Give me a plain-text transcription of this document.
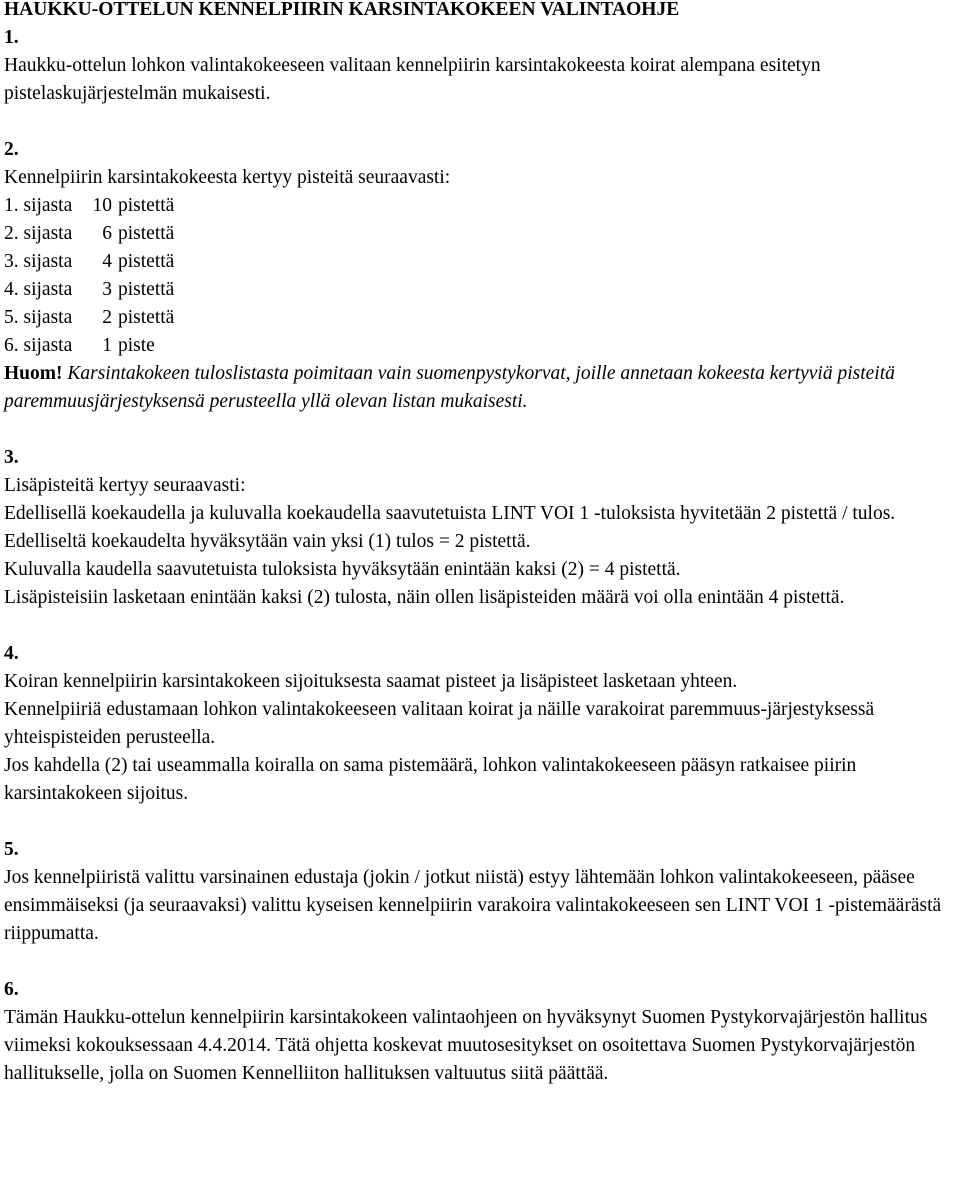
HAUKKU-OTTELUN KENNELPIIRIN KARSINTAKOKEEN VALINTAOHJE
1.
Haukku-ottelun lohkon valintakokeeseen valitaan kennelpiirin karsintakokeesta koirat alempana esitetyn pistelaskujärjestelmän mukaisesti.
2.
Kennelpiirin karsintakokeesta kertyy pisteitä seuraavasti:
1. sijasta 10 pistettä
2. sijasta 6 pistettä
3. sijasta 4 pistettä
4. sijasta 3 pistettä
5. sijasta 2 pistettä
6. sijasta 1 piste
Huom! Karsintakokeen tuloslistasta poimitaan vain suomenpystykorvat, joille annetaan kokeesta kertyviä pisteitä paremmuusjärjestyksensä perusteella yllä olevan listan mukaisesti.
3.
Lisäpisteitä kertyy seuraavasti:
Edellisellä koekaudella ja kuluvalla koekaudella saavutetuista LINT VOI 1 -tuloksista hyvitetään 2 pistettä / tulos.
Edelliseltä koekaudelta hyväksytään vain yksi (1) tulos = 2 pistettä.
Kuluvalla kaudella saavutetuista tuloksista hyväksytään enintään kaksi (2) = 4 pistettä.
Lisäpisteisiin lasketaan enintään kaksi (2) tulosta, näin ollen lisäpisteiden määrä voi olla enintään 4 pistettä.
4.
Koiran kennelpiirin karsintakokeen sijoituksesta saamat pisteet ja lisäpisteet lasketaan yhteen.
Kennelpiiriä edustamaan lohkon valintakokeeseen valitaan koirat ja näille varakoirat paremmuus-järjestyksessä yhteispisteiden perusteella.
Jos kahdella (2) tai useammalla koiralla on sama pistemäärä, lohkon valintakokeeseen pääsyn ratkaisee piirin karsintakokeen sijoitus.
5.
Jos kennelpiiristä valittu varsinainen edustaja (jokin / jotkut niistä) estyy lähtemään lohkon valintakokeeseen, pääsee ensimmäiseksi (ja seuraavaksi) valittu kyseisen kennelpiirin varakoira valintakokeeseen sen LINT VOI 1 -pistemäärästä riippumatta.
6.
Tämän Haukku-ottelun kennelpiirin karsintakokeen valintaohjeen on hyväksynyt Suomen Pystykorvajärjestön hallitus viimeksi kokouksessaan 4.4.2014. Tätä ohjetta koskevat muutosesitykset on osoitettava Suomen Pystykorvajärjestön hallitukselle, jolla on Suomen Kennelliiton hallituksen valtuutus siitä päättää.
